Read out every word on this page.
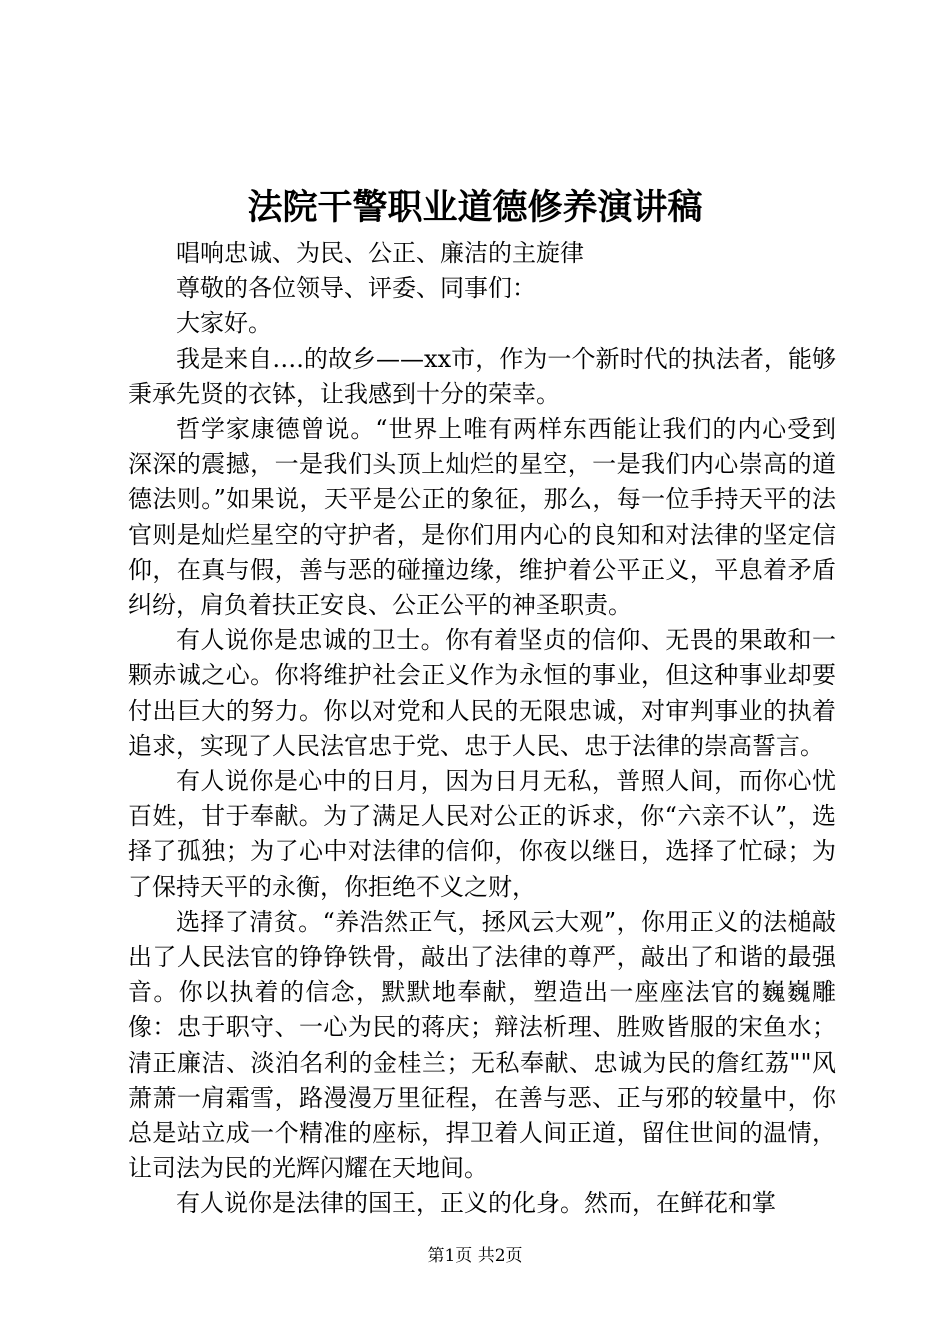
法院干警职业道德修养演讲稿

唱响忠诚、为民、公正、廉洁的主旋律

尊敬的各位领导、评委、同事们：

大家好。

我是来自….的故乡——xx市，作为一个新时代的执法者，能够秉承先贤的衣钵，让我感到十分的荣幸。

哲学家康德曾说。“世界上唯有两样东西能让我们的内心受到深深的震撼，一是我们头顶上灿烂的星空，一是我们内心崇高的道德法则。”如果说，天平是公正的象征，那么，每一位手持天平的法官则是灿烂星空的守护者，是你们用内心的良知和对法律的坚定信仰，在真与假，善与恶的碰撞边缘，维护着公平正义，平息着矛盾纠纷，肩负着扶正安良、公正公平的神圣职责。

有人说你是忠诚的卫士。你有着坚贞的信仰、无畏的果敢和一颗赤诚之心。你将维护社会正义作为永恒的事业，但这种事业却要付出巨大的努力。你以对党和人民的无限忠诚，对审判事业的执着追求，实现了人民法官忠于党、忠于人民、忠于法律的崇高誓言。

有人说你是心中的日月，因为日月无私，普照人间，而你心忧百姓，甘于奉献。为了满足人民对公正的诉求，你“六亲不认”，选择了孤独；为了心中对法律的信仰，你夜以继日，选择了忙碌；为了保持天平的永衡，你拒绝不义之财，

选择了清贫。“养浩然正气，拯风云大观”，你用正义的法槌敲出了人民法官的铮铮铁骨，敲出了法律的尊严，敲出了和谐的最强音。你以执着的信念，默默地奉献，塑造出一座座法官的巍巍雕像：忠于职守、一心为民的蒋庆；辩法析理、胜败皆服的宋鱼水；清正廉洁、淡泊名利的金桂兰；无私奉献、忠诚为民的詹红荔""风萧萧一肩霜雪，路漫漫万里征程，在善与恶、正与邪的较量中，你总是站立成一个精准的座标，捍卫着人间正道，留住世间的温情，让司法为民的光辉闪耀在天地间。

有人说你是法律的国王，正义的化身。然而，在鲜花和掌

第1页 共2页
